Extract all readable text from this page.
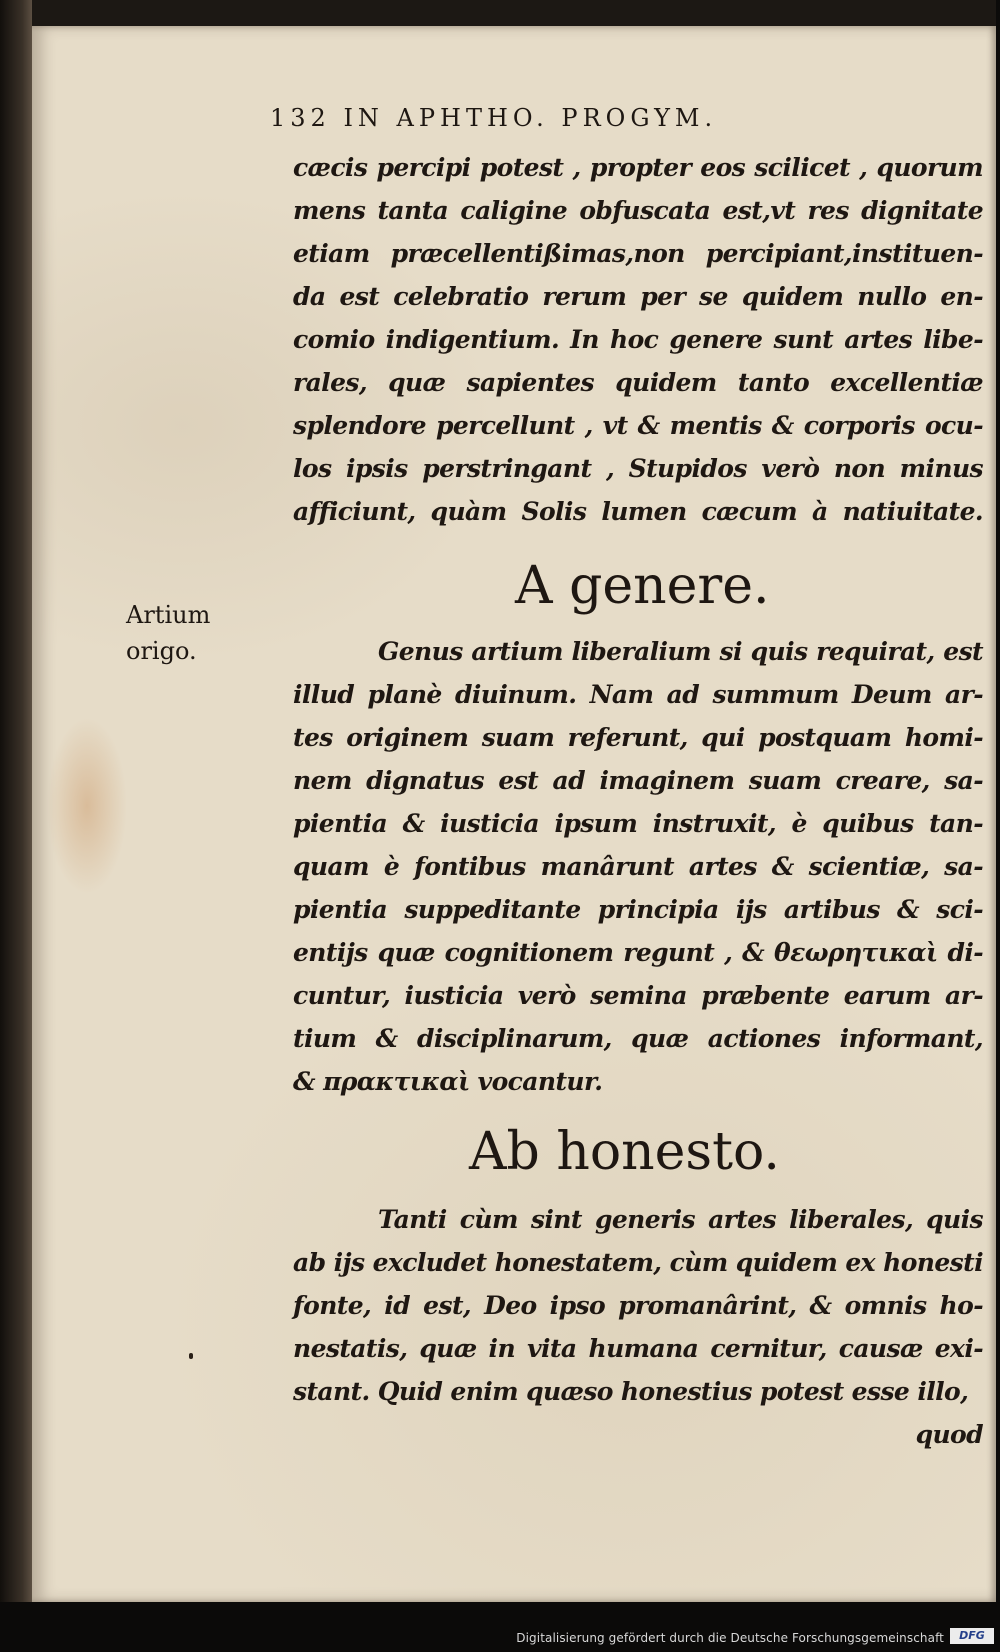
132 IN APHTHO. PROGYM.
cæcis percipi potest , propter eos scilicet , quorum
mens tanta caligine obfuscata est,vt res dignitate
etiam præcellentißimas,non percipiant,instituen-
da est celebratio rerum per se quidem nullo en-
comio indigentium. In hoc genere sunt artes libe-
rales, quæ sapientes quidem tanto excellentiæ
splendore percellunt , vt & mentis & corporis ocu-
los ipsis perstringant , Stupidos verò non minus
afficiunt, quàm Solis lumen cæcum à natiuitate.
A genere.
Artium
origo.	Genus artium liberalium si quis requirat, est
illud planè diuinum. Nam ad summum Deum ar-
tes originem suam referunt, qui postquam homi-
nem dignatus est ad imaginem suam creare, sa-
pientia & iusticia ipsum instruxit, è quibus tan-
quam è fontibus manârunt artes & scientiæ, sa-
pientia suppeditante principia ijs artibus & sci-
entijs quæ cognitionem regunt , & θεωρητικαὶ di-
cuntur, iusticia verò semina præbente earum ar-
tium & disciplinarum, quæ actiones informant,
& πρακτικαὶ vocantur.
Ab honesto.
Tanti cùm sint generis artes liberales, quis
ab ijs excludet honestatem, cùm quidem ex honesti
fonte, id est, Deo ipso promanârint, & omnis ho-
nestatis, quæ in vita humana cernitur, causæ exi-
stant. Quid enim quæso honestius potest esse illo,
quod
Digitalisierung gefördert durch die Deutsche Forschungsgemeinschaft	DFG
